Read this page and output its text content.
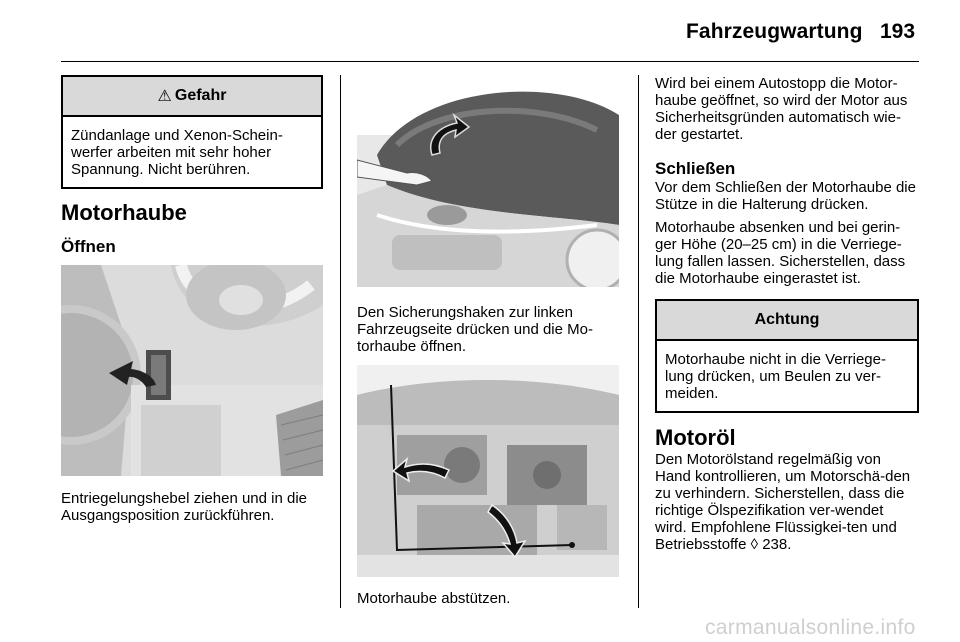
Fahrzeugwartung 193
⚠ Gefahr
Zündanlage und Xenon-Schein-werfer arbeiten mit sehr hoher Spannung. Nicht berühren.
Motorhaube
Öffnen
Entriegelungshebel ziehen und in die Ausgangsposition zurückführen.
Den Sicherungshaken zur linken Fahrzeugseite drücken und die Mo-torhaube öffnen.
Motorhaube abstützen.
Wird bei einem Autostopp die Motor-haube geöffnet, so wird der Motor aus Sicherheitsgründen automatisch wie-der gestartet.
Schließen
Vor dem Schließen der Motorhaube die Stütze in die Halterung drücken.
Motorhaube absenken und bei gerin-ger Höhe (20–25 cm) in die Verriege-lung fallen lassen. Sicherstellen, dass die Motorhaube eingerastet ist.
Achtung
Motorhaube nicht in die Verriege-lung drücken, um Beulen zu ver-meiden.
Motoröl
Den Motorölstand regelmäßig von Hand kontrollieren, um Motorschä-den zu verhindern. Sicherstellen, dass die richtige Ölspezifikation ver-wendet wird. Empfohlene Flüssigkei-ten und Betriebsstoffe ◊ 238.
carmanualsonline.info
